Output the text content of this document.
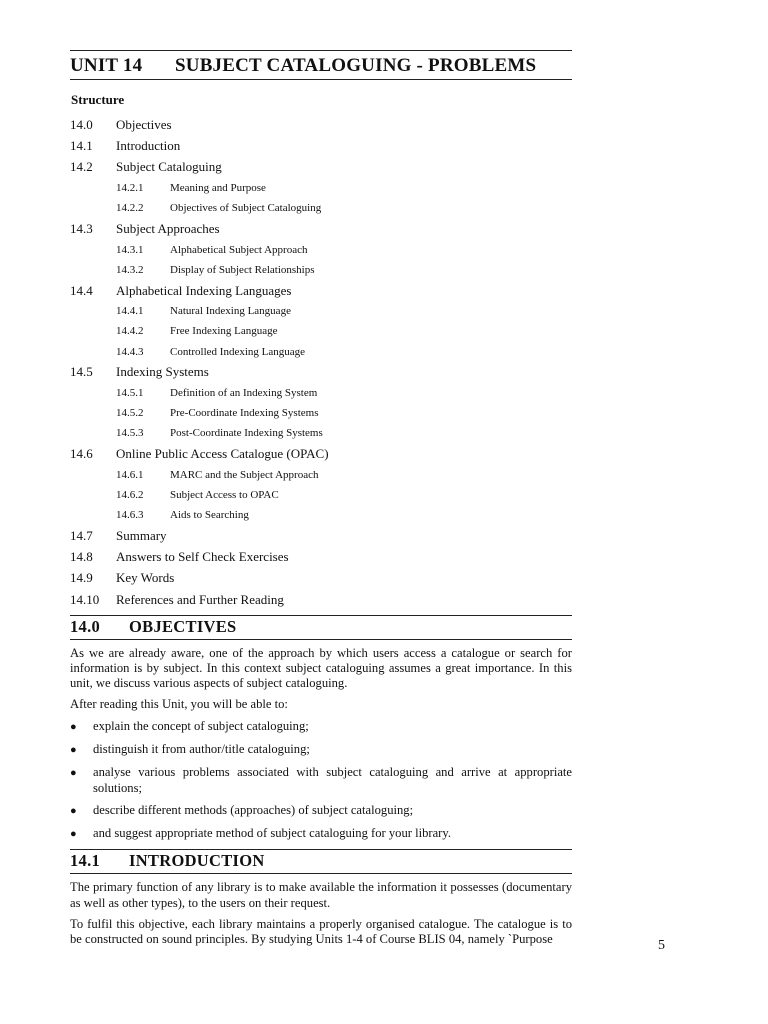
UNIT 14	SUBJECT CATALOGUING - PROBLEMS
Structure
14.0	Objectives
14.1	Introduction
14.2	Subject Cataloguing
14.2.1	Meaning and Purpose
14.2.2	Objectives of Subject Cataloguing
14.3	Subject Approaches
14.3.1	Alphabetical Subject Approach
14.3.2	Display of Subject Relationships
14.4	Alphabetical Indexing Languages
14.4.1	Natural Indexing Language
14.4.2	Free Indexing Language
14.4.3	Controlled Indexing Language
14.5	Indexing Systems
14.5.1	Definition of an Indexing System
14.5.2	Pre-Coordinate Indexing Systems
14.5.3	Post-Coordinate Indexing Systems
14.6	Online Public Access Catalogue (OPAC)
14.6.1	MARC and the Subject Approach
14.6.2	Subject Access to OPAC
14.6.3	Aids to Searching
14.7	Summary
14.8	Answers to Self Check Exercises
14.9	Key Words
14.10	References and Further Reading
14.0	OBJECTIVES

As we are already aware, one of the approach by which users access a catalogue or search for information is by subject. In this context subject cataloguing assumes a great importance. In this unit, we discuss various aspects of subject cataloguing.

After reading this Unit, you will be able to:

●	explain the concept of subject cataloguing;
●	distinguish it from author/title cataloguing;
●	analyse various problems associated with subject cataloguing and arrive at appropriate solutions;
●	describe different methods (approaches) of subject cataloguing;
●	and suggest appropriate method of subject cataloguing for your library.
14.1	INTRODUCTION

The primary function of any library is to make available the information it possesses (documentary as well as other types), to the users on their request.

To fulfil this objective, each library maintains a properly organised catalogue. The catalogue is to be constructed on sound principles. By studying Units 1-4 of Course BLIS 04, namely `Purpose	5
